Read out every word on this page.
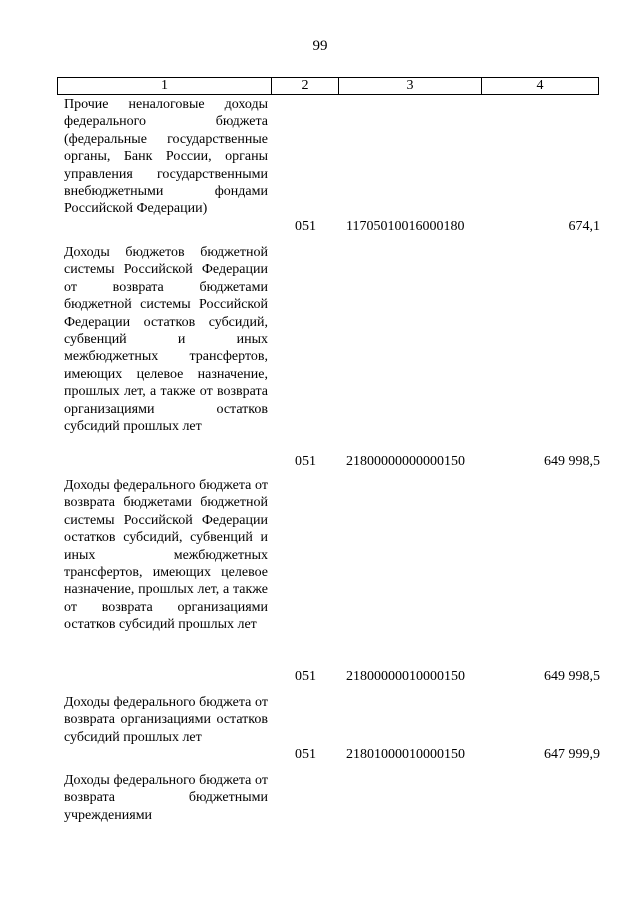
99
1	2	3	4
Прочие неналоговые доходы федерального бюджета (федеральные государственные органы, Банк России, органы управления государственными внебюджетными фондами Российской Федерации)
051 11705010016000180	674,1
Доходы бюджетов бюджетной системы Российской Федерации от возврата бюджетами бюджетной системы Российской Федерации остатков субсидий, субвенций и иных межбюджетных трансфертов, имеющих целевое назначение, прошлых лет, а также от возврата организациями остатков субсидий прошлых лет
051 21800000000000150	649 998,5
Доходы федерального бюджета от возврата бюджетами бюджетной системы Российской Федерации остатков субсидий, субвенций и иных межбюджетных трансфертов, имеющих целевое назначение, прошлых лет, а также от возврата организациями остатков субсидий прошлых лет
051 21800000010000150	649 998,5
Доходы федерального бюджета от возврата организациями остатков субсидий прошлых лет
051 21801000010000150	647 999,9
Доходы федерального бюджета от возврата бюджетными учреждениями
